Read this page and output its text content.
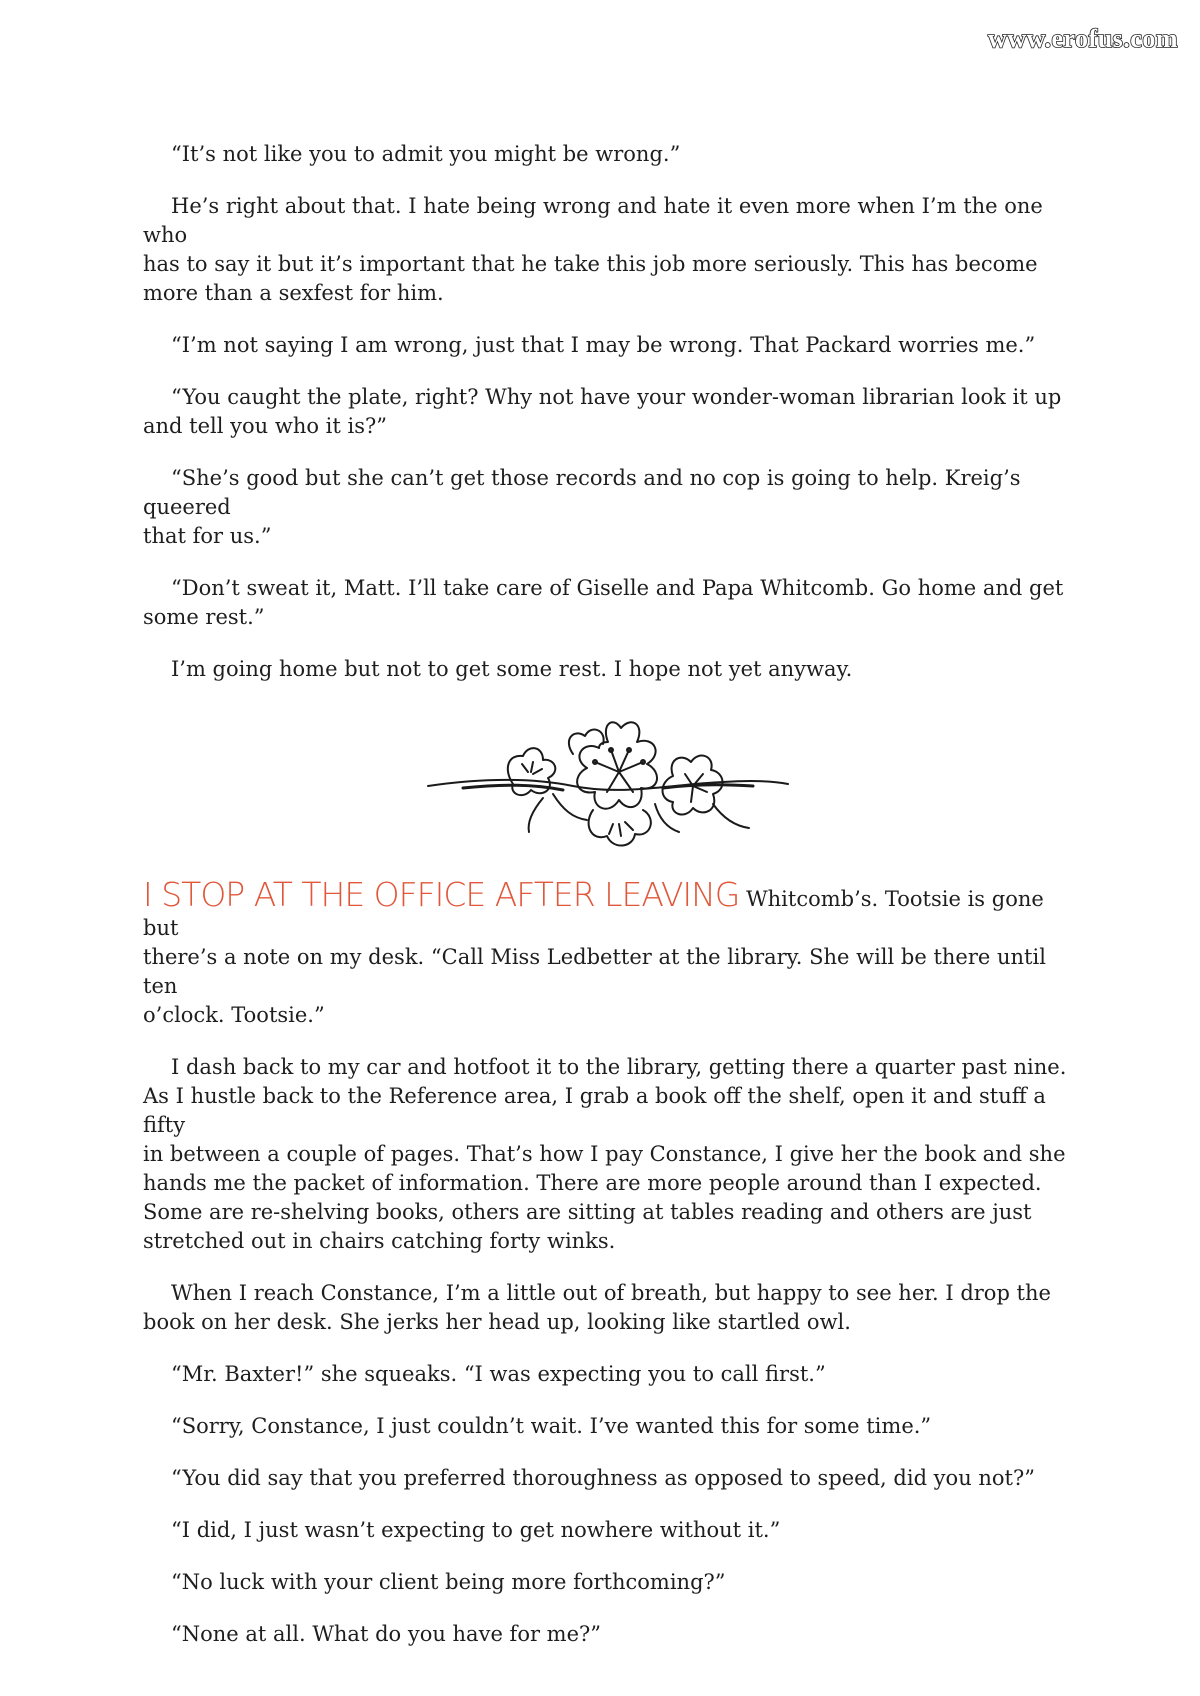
www.erofus.com

“It’s not like you to admit you might be wrong.”

He’s right about that. I hate being wrong and hate it even more when I’m the one who
has to say it but it’s important that he take this job more seriously. This has become
more than a sexfest for him.

“I’m not saying I am wrong, just that I may be wrong. That Packard worries me.”

“You caught the plate, right? Why not have your wonder-woman librarian look it up
and tell you who it is?”

“She’s good but she can’t get those records and no cop is going to help. Kreig’s queered
that for us.”

“Don’t sweat it, Matt. I’ll take care of Giselle and Papa Whitcomb. Go home and get
some rest.”

I’m going home but not to get some rest. I hope not yet anyway.

I STOP AT THE OFFICE AFTER LEAVING Whitcomb’s. Tootsie is gone but
there’s a note on my desk. “Call Miss Ledbetter at the library. She will be there until ten
o’clock. Tootsie.”

I dash back to my car and hotfoot it to the library, getting there a quarter past nine.
As I hustle back to the Reference area, I grab a book off the shelf, open it and stuff a fifty
in between a couple of pages. That’s how I pay Constance, I give her the book and she
hands me the packet of information. There are more people around than I expected.
Some are re-shelving books, others are sitting at tables reading and others are just
stretched out in chairs catching forty winks.

When I reach Constance, I’m a little out of breath, but happy to see her. I drop the
book on her desk. She jerks her head up, looking like startled owl.

“Mr. Baxter!” she squeaks. “I was expecting you to call first.”

“Sorry, Constance, I just couldn’t wait. I’ve wanted this for some time.”

“You did say that you preferred thoroughness as opposed to speed, did you not?”

“I did, I just wasn’t expecting to get nowhere without it.”

“No luck with your client being more forthcoming?”

“None at all. What do you have for me?”
